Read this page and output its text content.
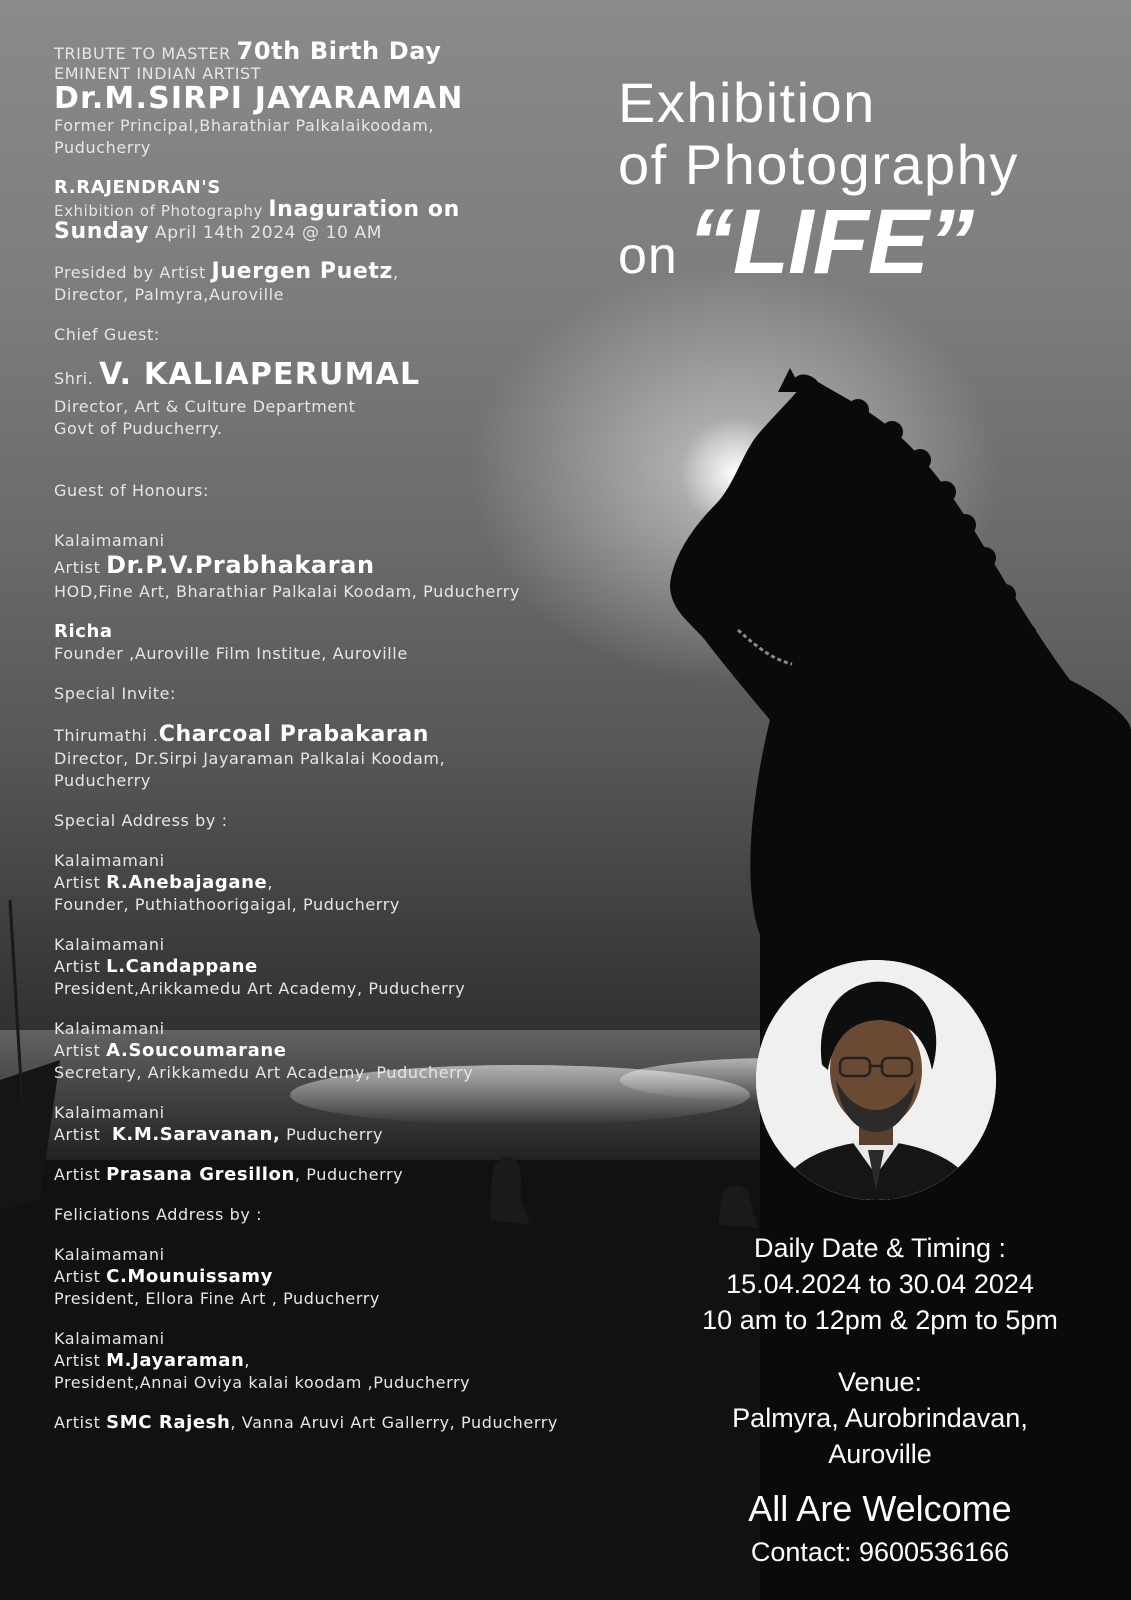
TRIBUTE TO MASTER 70th Birth Day
EMINENT INDIAN ARTIST
Dr.M.SIRPI JAYARAMAN
Former Principal,Bharathiar Palkalaikoodam,
Puducherry
R.RAJENDRAN'S
Exhibition of Photography Inaguration on
Sunday April 14th 2024 @ 10 AM
Presided by Artist Juergen Puetz,
Director, Palmyra,Auroville
Chief Guest:
Shri. V. KALIAPERUMAL
Director, Art & Culture Department
Govt of Puducherry.
Guest of Honours:
Kalaimamani
Artist Dr.P.V.Prabhakaran
HOD,Fine Art, Bharathiar Palkalai Koodam, Puducherry
Richa
Founder ,Auroville Film Institue, Auroville
Special Invite:
Thirumathi .Charcoal Prabakaran
Director, Dr.Sirpi Jayaraman Palkalai Koodam,
Puducherry
Special Address by :
Kalaimamani
Artist R.Anebajagane,
Founder, Puthiathoorigaigal, Puducherry
Kalaimamani
Artist L.Candappane
President,Arikkamedu Art Academy, Puducherry
Kalaimamani
Artist A.Soucoumarane
Secretary, Arikkamedu Art Academy, Puducherry
Kalaimamani
Artist  K.M.Saravanan, Puducherry
Artist Prasana Gresillon, Puducherry
Feliciations Address by :
Kalaimamani
Artist C.Mounuissamy
President, Ellora Fine Art , Puducherry
Kalaimamani
Artist M.Jayaraman,
President,Annai Oviya kalai koodam ,Puducherry
Artist SMC Rajesh, Vanna Aruvi Art Gallerry, Puducherry
Exhibition
of Photography
on “LIFE”
Daily Date & Timing :
15.04.2024 to 30.04 2024
10 am to 12pm & 2pm to 5pm
Venue:
Palmyra, Aurobrindavan,
Auroville
All Are Welcome
Contact: 9600536166
